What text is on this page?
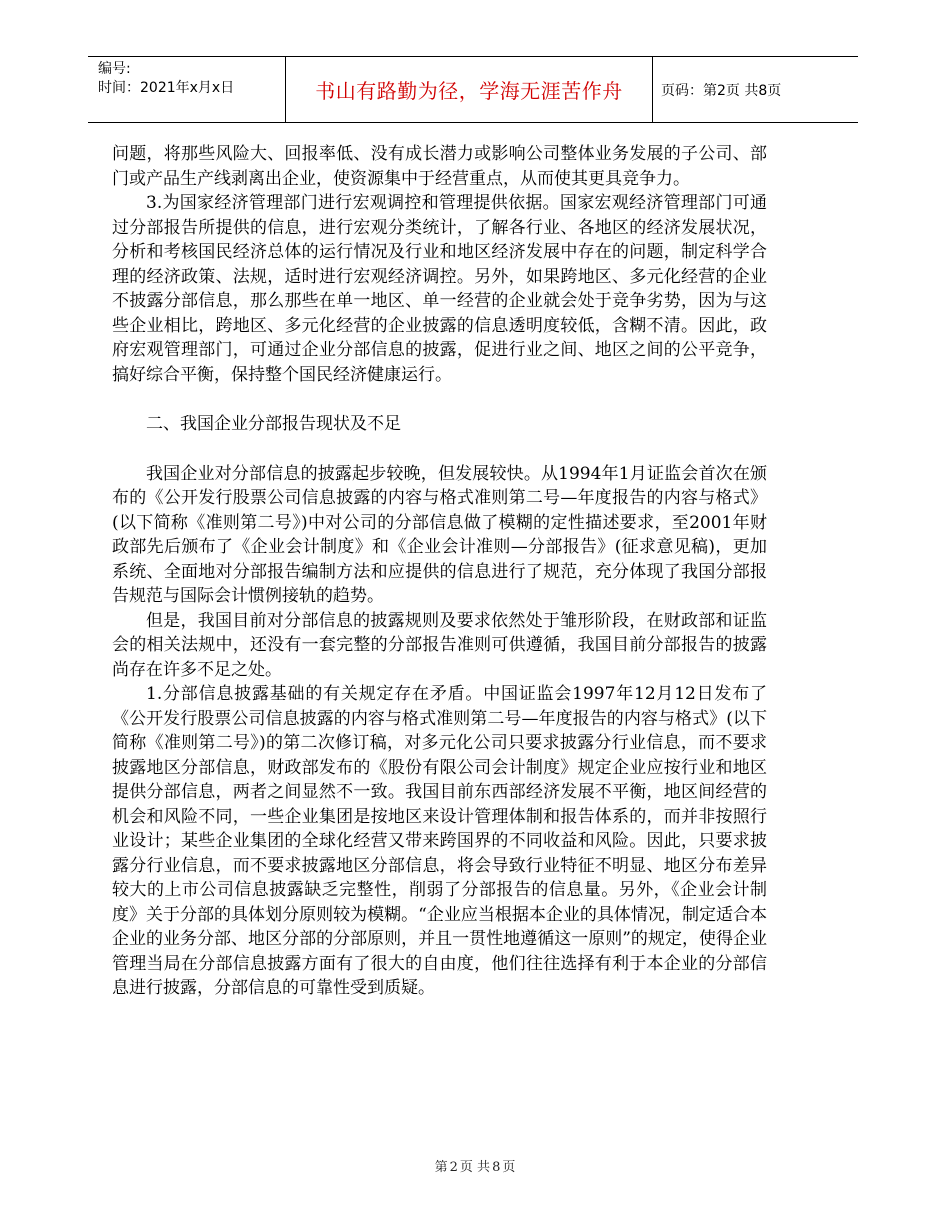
编号:
时间：2021年x月x日	书山有路勤为径，学海无涯苦作舟	页码：第2页 共8页

问题，将那些风险大、回报率低、没有成长潜力或影响公司整体业务发展的子公司、部门或产品生产线剥离出企业，使资源集中于经营重点，从而使其更具竞争力。

3.为国家经济管理部门进行宏观调控和管理提供依据。国家宏观经济管理部门可通过分部报告所提供的信息，进行宏观分类统计，了解各行业、各地区的经济发展状况，分析和考核国民经济总体的运行情况及行业和地区经济发展中存在的问题，制定科学合理的经济政策、法规，适时进行宏观经济调控。另外，如果跨地区、多元化经营的企业不披露分部信息，那么那些在单一地区、单一经营的企业就会处于竞争劣势，因为与这些企业相比，跨地区、多元化经营的企业披露的信息透明度较低，含糊不清。因此，政府宏观管理部门，可通过企业分部信息的披露，促进行业之间、地区之间的公平竞争，搞好综合平衡，保持整个国民经济健康运行。

二、我国企业分部报告现状及不足

我国企业对分部信息的披露起步较晚，但发展较快。从1994年1月证监会首次在颁布的《公开发行股票公司信息披露的内容与格式准则第二号—年度报告的内容与格式》(以下简称《准则第二号》)中对公司的分部信息做了模糊的定性描述要求，至2001年财政部先后颁布了《企业会计制度》和《企业会计准则—分部报告》(征求意见稿)，更加系统、全面地对分部报告编制方法和应提供的信息进行了规范，充分体现了我国分部报告规范与国际会计惯例接轨的趋势。

但是，我国目前对分部信息的披露规则及要求依然处于雏形阶段，在财政部和证监会的相关法规中，还没有一套完整的分部报告准则可供遵循，我国目前分部报告的披露尚存在许多不足之处。

1.分部信息披露基础的有关规定存在矛盾。中国证监会1997年12月12日发布了《公开发行股票公司信息披露的内容与格式准则第二号—年度报告的内容与格式》(以下简称《准则第二号》)的第二次修订稿，对多元化公司只要求披露分行业信息，而不要求披露地区分部信息，财政部发布的《股份有限公司会计制度》规定企业应按行业和地区提供分部信息，两者之间显然不一致。我国目前东西部经济发展不平衡，地区间经营的机会和风险不同，一些企业集团是按地区来设计管理体制和报告体系的，而并非按照行业设计；某些企业集团的全球化经营又带来跨国界的不同收益和风险。因此，只要求披露分行业信息，而不要求披露地区分部信息，将会导致行业特征不明显、地区分布差异较大的上市公司信息披露缺乏完整性，削弱了分部报告的信息量。另外，《企业会计制度》关于分部的具体划分原则较为模糊。“企业应当根据本企业的具体情况，制定适合本企业的业务分部、地区分部的分部原则，并且一贯性地遵循这一原则”的规定，使得企业管理当局在分部信息披露方面有了很大的自由度，他们往往选择有利于本企业的分部信息进行披露，分部信息的可靠性受到质疑。

第 2 页 共 8 页
